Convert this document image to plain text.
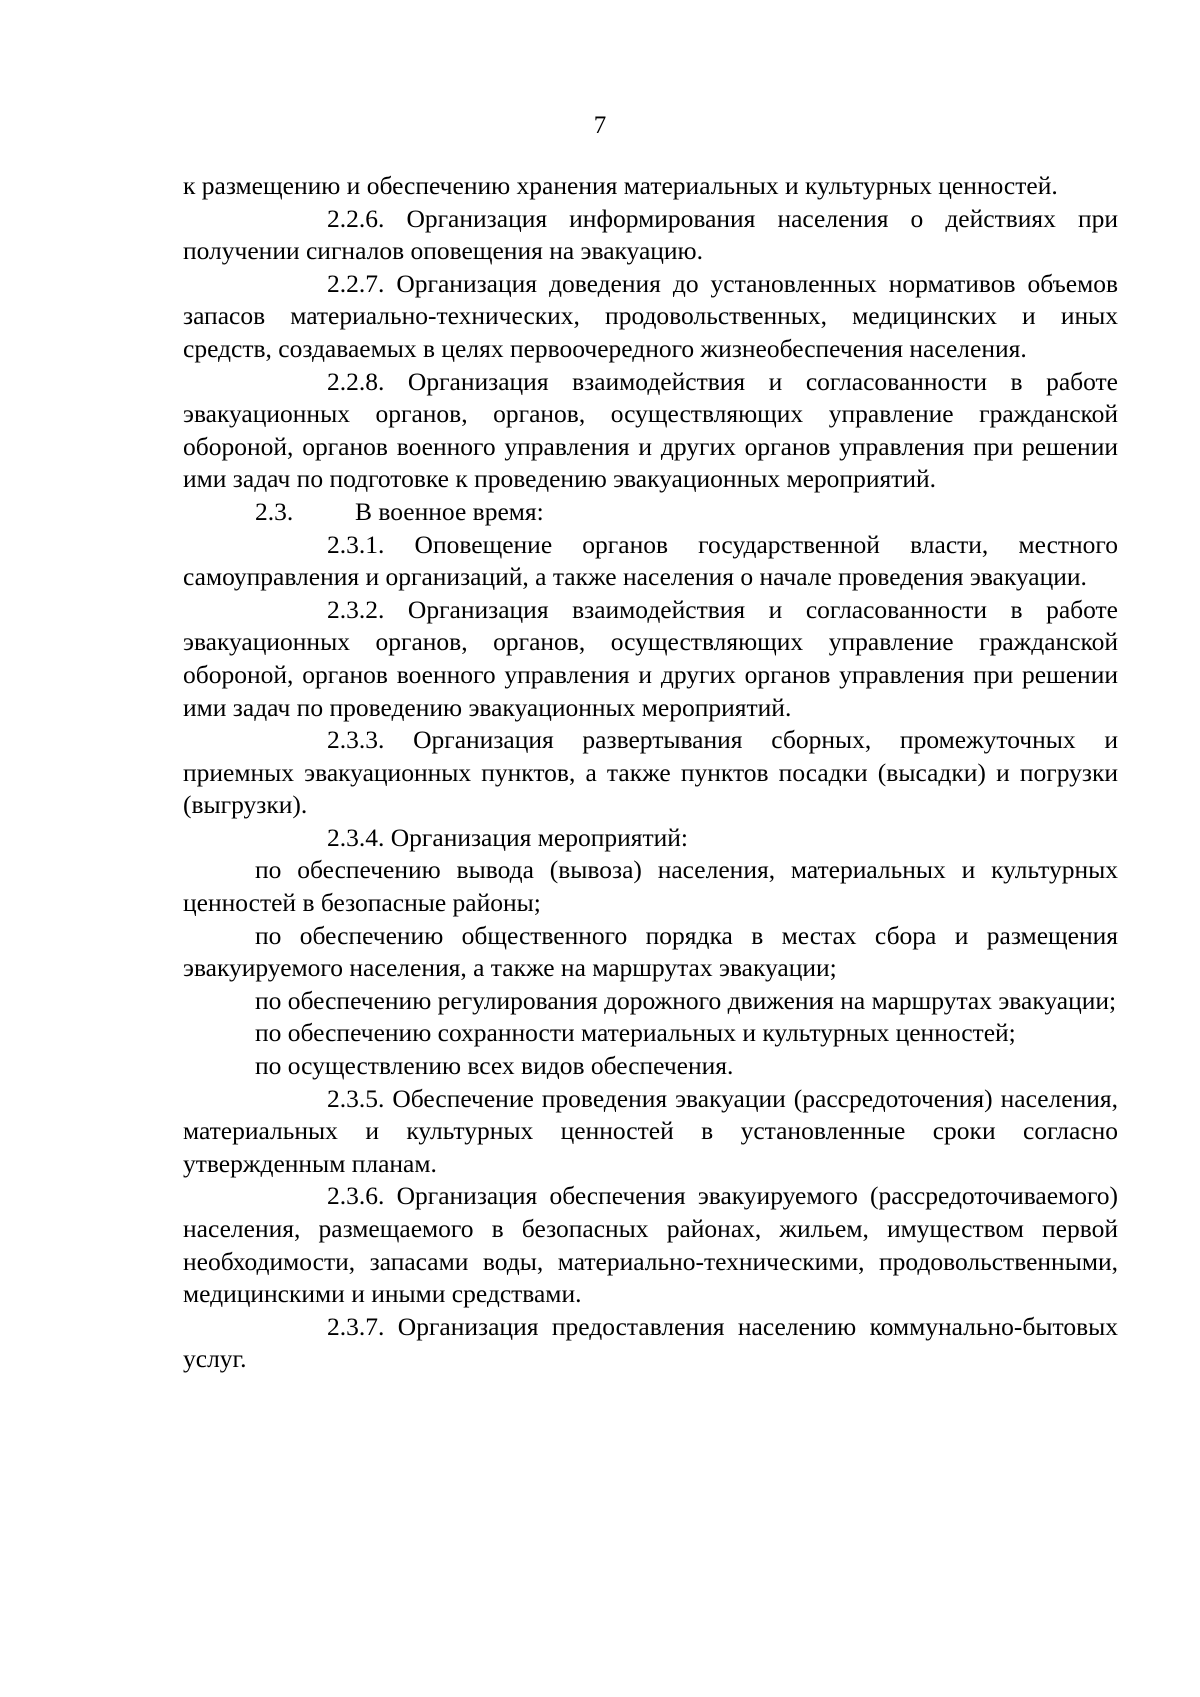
7

к размещению и обеспечению хранения материальных и культурных ценностей.

2.2.6. Организация информирования населения о действиях при получении сигналов оповещения на эвакуацию.

2.2.7. Организация доведения до установленных нормативов объемов запасов материально-технических, продовольственных, медицинских и иных средств, создаваемых в целях первоочередного жизнеобеспечения населения.

2.2.8. Организация взаимодействия и согласованности в работе эвакуационных органов, органов, осуществляющих управление гражданской обороной, органов военного управления и других органов управления при решении ими задач по подготовке к проведению эвакуационных мероприятий.

2.3. В военное время:

2.3.1. Оповещение органов государственной власти, местного самоуправления и организаций, а также населения о начале проведения эвакуации.

2.3.2. Организация взаимодействия и согласованности в работе эвакуационных органов, органов, осуществляющих управление гражданской обороной, органов военного управления и других органов управления при решении ими задач по проведению эвакуационных мероприятий.

2.3.3. Организация развертывания сборных, промежуточных и приемных эвакуационных пунктов, а также пунктов посадки (высадки) и погрузки (выгрузки).

2.3.4. Организация мероприятий:

по обеспечению вывода (вывоза) населения, материальных и культурных ценностей в безопасные районы;

по обеспечению общественного порядка в местах сбора и размещения эвакуируемого населения, а также на маршрутах эвакуации;

по обеспечению регулирования дорожного движения на маршрутах эвакуации;

по обеспечению сохранности материальных и культурных ценностей;

по осуществлению всех видов обеспечения.

2.3.5. Обеспечение проведения эвакуации (рассредоточения) населения, материальных и культурных ценностей в установленные сроки согласно утвержденным планам.

2.3.6. Организация обеспечения эвакуируемого (рассредоточиваемого) населения, размещаемого в безопасных районах, жильем, имуществом первой необходимости, запасами воды, материально-техническими, продовольственными, медицинскими и иными средствами.

2.3.7. Организация предоставления населению коммунально-бытовых услуг.
